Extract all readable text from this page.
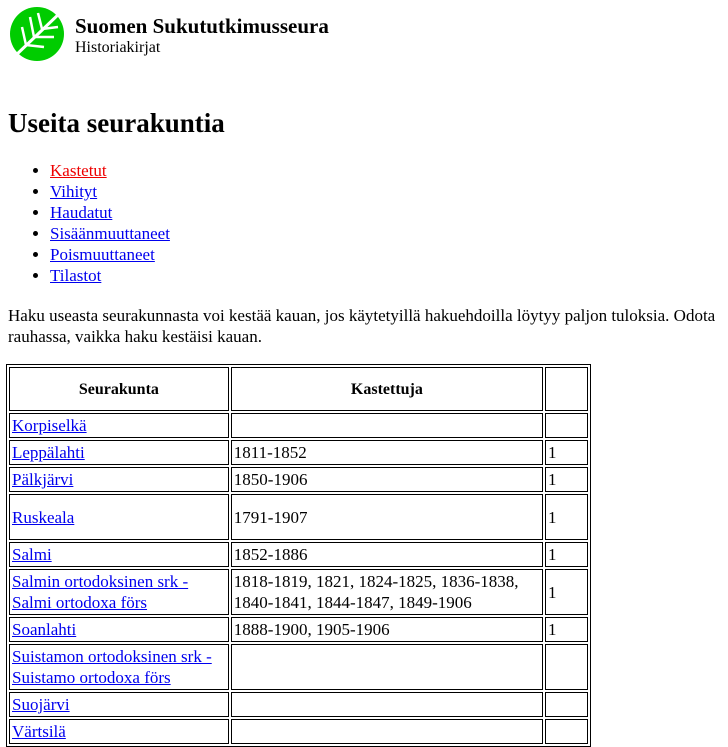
Suomen Sukututkimusseura
Historiakirjat
Useita seurakuntia
• Kastetut
• Vihityt
• Haudatut
• Sisäänmuuttaneet
• Poismuuttaneet
• Tilastot

Haku useasta seurakunnasta voi kestää kauan, jos käytetyillä hakuehdoilla löytyy paljon tuloksia. Odota rauhassa, vaikka haku kestäisi kauan.

Seurakunta	Kastettuja	
Korpiselkä		
Leppälahti	1811-1852	1
Pälkjärvi	1850-1906	1
Ruskeala	1791-1907	1
Salmi	1852-1886	1
Salmin ortodoksinen srk - Salmi ortodoxa förs	1818-1819, 1821, 1824-1825, 1836-1838, 1840-1841, 1844-1847, 1849-1906	1
Soanlahti	1888-1900, 1905-1906	1
Suistamon ortodoksinen srk - Suistamo ortodoxa förs		
Suojärvi		
Värtsilä		
